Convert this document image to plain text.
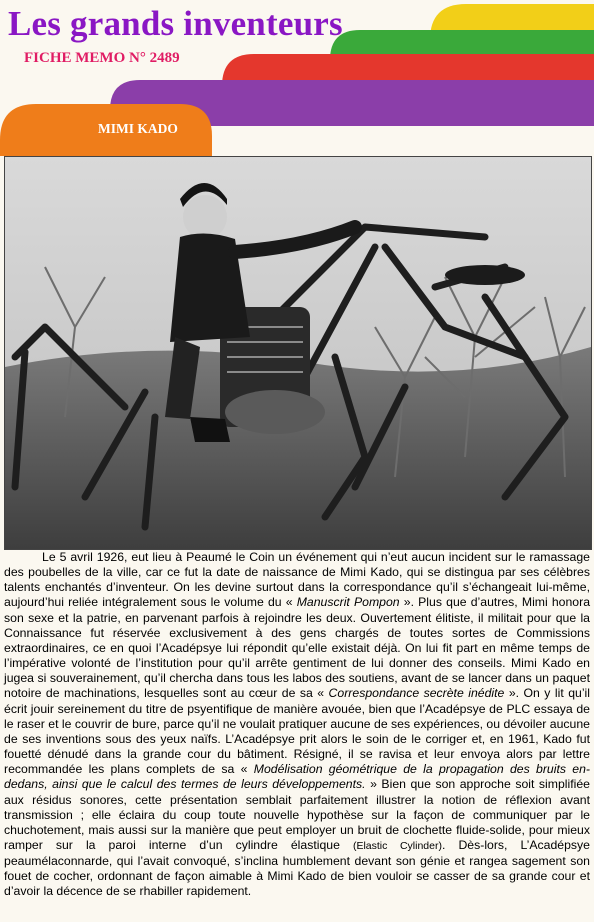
Les grands inventeurs
FICHE MEMO N° 2489
MIMI KADO

Le 5 avril 1926, eut lieu à Peaumé le Coin un événement qui n’eut aucun incident sur le ramassage des poubelles de la ville, car ce fut la date de naissance de Mimi Kado, qui se distingua par ses célèbres talents enchantés d’inventeur. On les devine surtout dans la correspondance qu’il s’échangeait lui-même, aujourd’hui reliée intégralement sous le volume du « Manuscrit Pompon ». Plus que d’autres, Mimi honora son sexe et la patrie, en parvenant parfois à rejoindre les deux. Ouvertement élitiste, il militait pour que la Connaissance fut réservée exclusivement à des gens chargés de toutes sortes de Commissions extraordinaires, ce en quoi l’Acadépsye lui répondit qu’elle existait déjà. On lui fit part en même temps de l’impérative volonté de l’institution pour qu’il arrête gentiment de lui donner des conseils. Mimi Kado en jugea si souverainement, qu’il chercha dans tous les labos des soutiens, avant de se lancer dans un paquet notoire de machinations, lesquelles sont au cœur de sa « Correspondance secrète inédite ». On y lit qu’il écrit jouir sereinement du titre de psyentifique de manière avouée, bien que l’Acadépsye de PLC essaya de le raser et le couvrir de bure, parce qu’il ne voulait pratiquer aucune de ses expériences, ou dévoiler aucune de ses inventions sous des yeux naïfs. L’Acadépsye prit alors le soin de le corriger et, en 1961, Kado fut fouetté dénudé dans la grande cour du bâtiment. Résigné, il se ravisa et leur envoya alors par lettre recommandée les plans complets de sa « Modélisation géométrique de la propagation des bruits en-dedans, ainsi que le calcul des termes de leurs développements. » Bien que son approche soit simplifiée aux résidus sonores, cette présentation semblait parfaitement illustrer la notion de réflexion avant transmission ; elle éclaira du coup toute nouvelle hypothèse sur la façon de communiquer par le chuchotement, mais aussi sur la manière que peut employer un bruit de clochette fluide-solide, pour mieux ramper sur la paroi interne d’un cylindre élastique (Elastic Cylinder). Dès-lors, L’Acadépsye peaumélaconnarde, qui l’avait convoqué, s’inclina humblement devant son génie et rangea sagement son fouet de cocher, ordonnant de façon aimable à Mimi Kado de bien vouloir se casser de sa grande cour et d’avoir la décence de se rhabiller rapidement.
